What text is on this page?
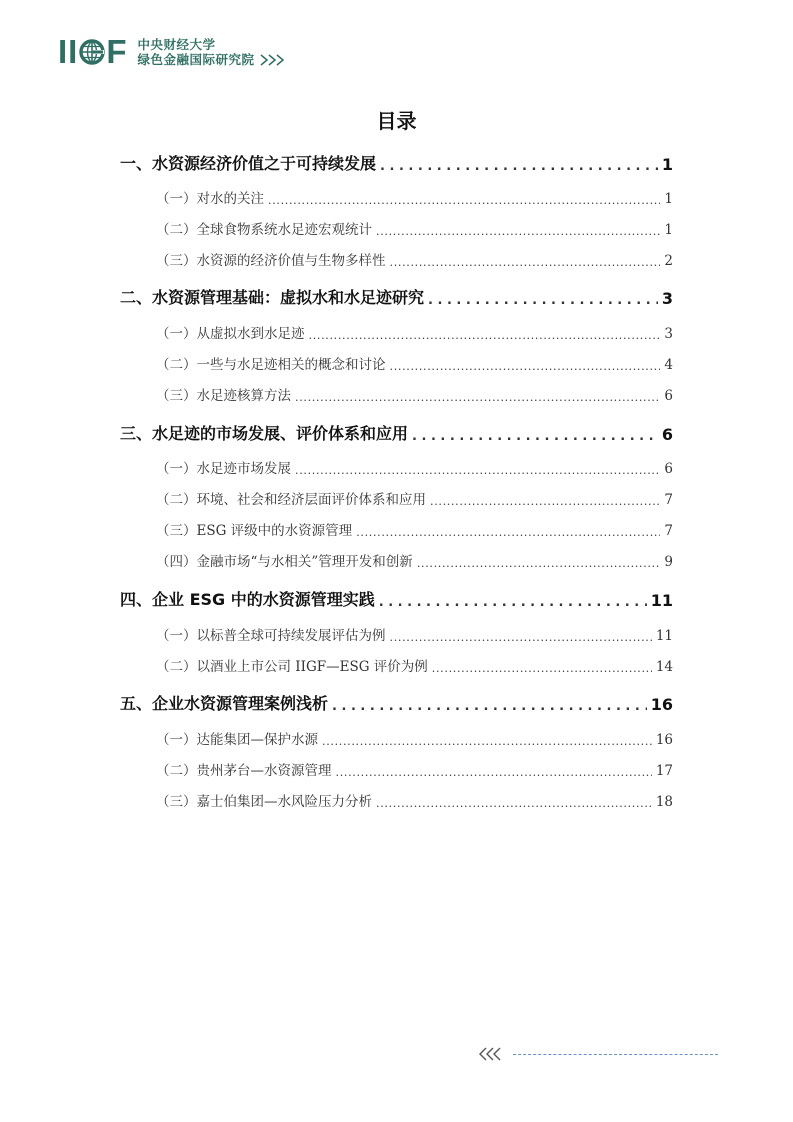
II F 中央财经大学
绿色金融国际研究院
目录
一、水资源经济价值之于可持续发展 . . .	1
（一）对水的关注 . . .	1
（二）全球食物系统水足迹宏观统计 . . .	1
（三）水资源的经济价值与生物多样性 . . .	2
二、水资源管理基础：虚拟水和水足迹研究 . . .	3
（一）从虚拟水到水足迹 . . .	3
（二）一些与水足迹相关的概念和讨论 . . .	4
（三）水足迹核算方法 . . .	6
三、水足迹的市场发展、评价体系和应用 . . .	6
（一）水足迹市场发展 . . .	6
（二）环境、社会和经济层面评价体系和应用 . . .	7
（三）ESG 评级中的水资源管理 . . .	7
（四）金融市场“与水相关”管理开发和创新 . . .	9
四、企业 ESG 中的水资源管理实践 . . .	11
（一）以标普全球可持续发展评估为例 . . .	11
（二）以酒业上市公司 IIGF—ESG 评价为例 . . .	14
五、企业水资源管理案例浅析 . . .	16
（一）达能集团—保护水源 . . .	16
（二）贵州茅台—水资源管理 . . .	17
（三）嘉士伯集团—水风险压力分析 . . .	18
